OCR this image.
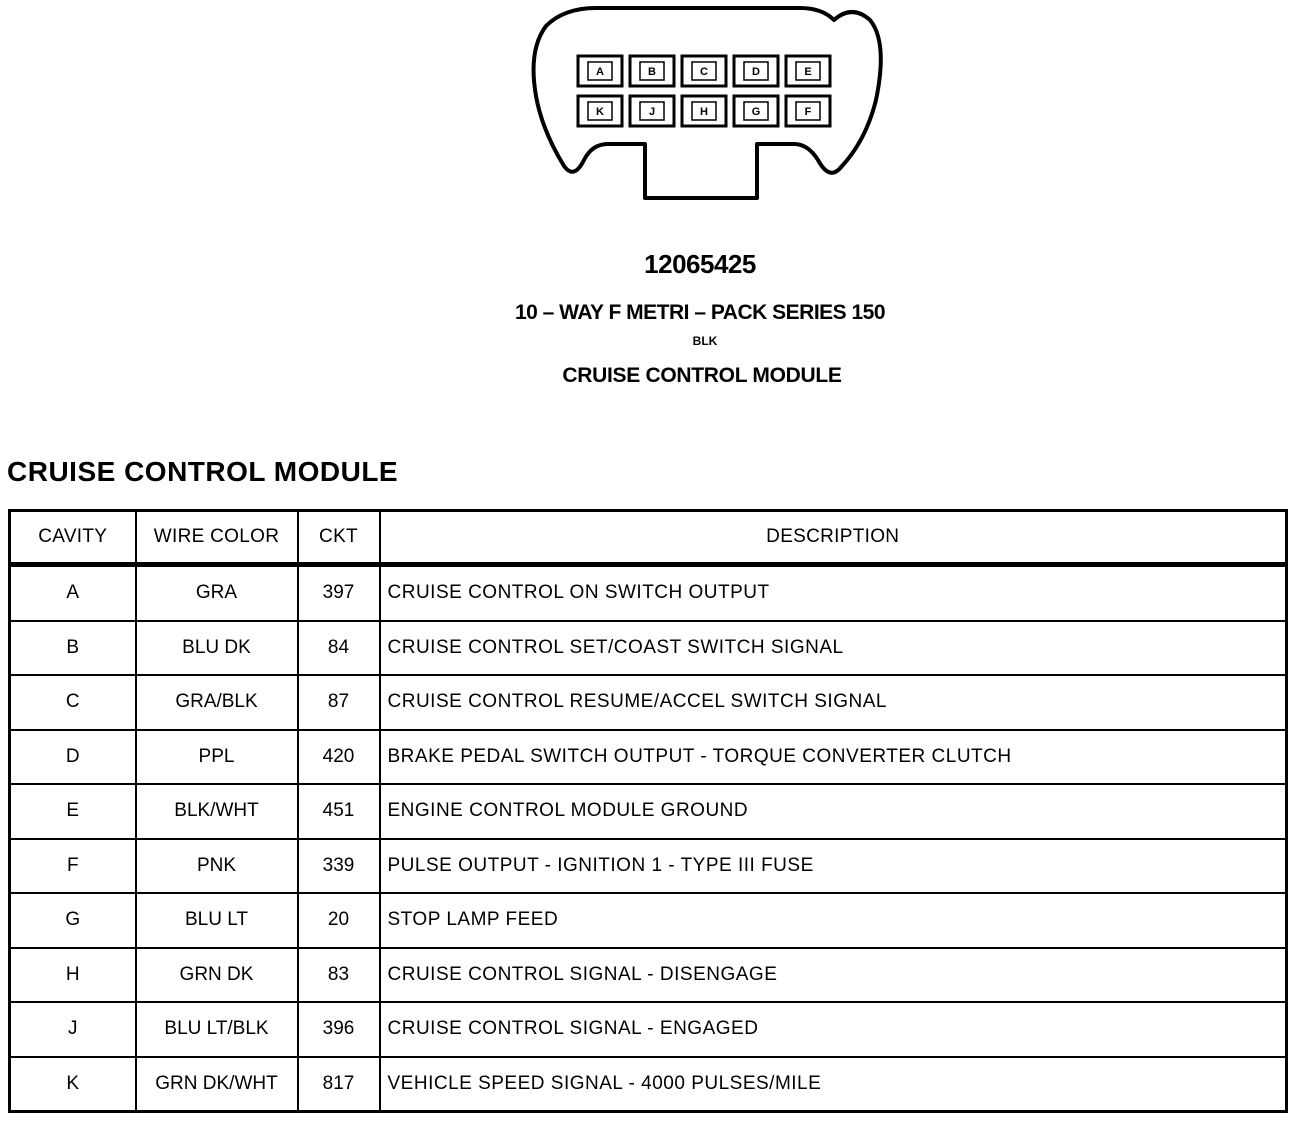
A	B	C	D	E
K	J	H	G	F
12065425
10 – WAY F METRI – PACK SERIES 150
BLK
CRUISE CONTROL MODULE
CRUISE CONTROL MODULE
CAVITY	WIRE COLOR	CKT	DESCRIPTION
A	GRA	397	CRUISE CONTROL ON SWITCH OUTPUT
B	BLU DK	84	CRUISE CONTROL SET/COAST SWITCH SIGNAL
C	GRA/BLK	87	CRUISE CONTROL RESUME/ACCEL SWITCH SIGNAL
D	PPL	420	BRAKE PEDAL SWITCH OUTPUT - TORQUE CONVERTER CLUTCH
E	BLK/WHT	451	ENGINE CONTROL MODULE GROUND
F	PNK	339	PULSE OUTPUT - IGNITION 1 - TYPE III FUSE
G	BLU LT	20	STOP LAMP FEED
H	GRN DK	83	CRUISE CONTROL SIGNAL - DISENGAGE
J	BLU LT/BLK	396	CRUISE CONTROL SIGNAL - ENGAGED
K	GRN DK/WHT	817	VEHICLE SPEED SIGNAL - 4000 PULSES/MILE
